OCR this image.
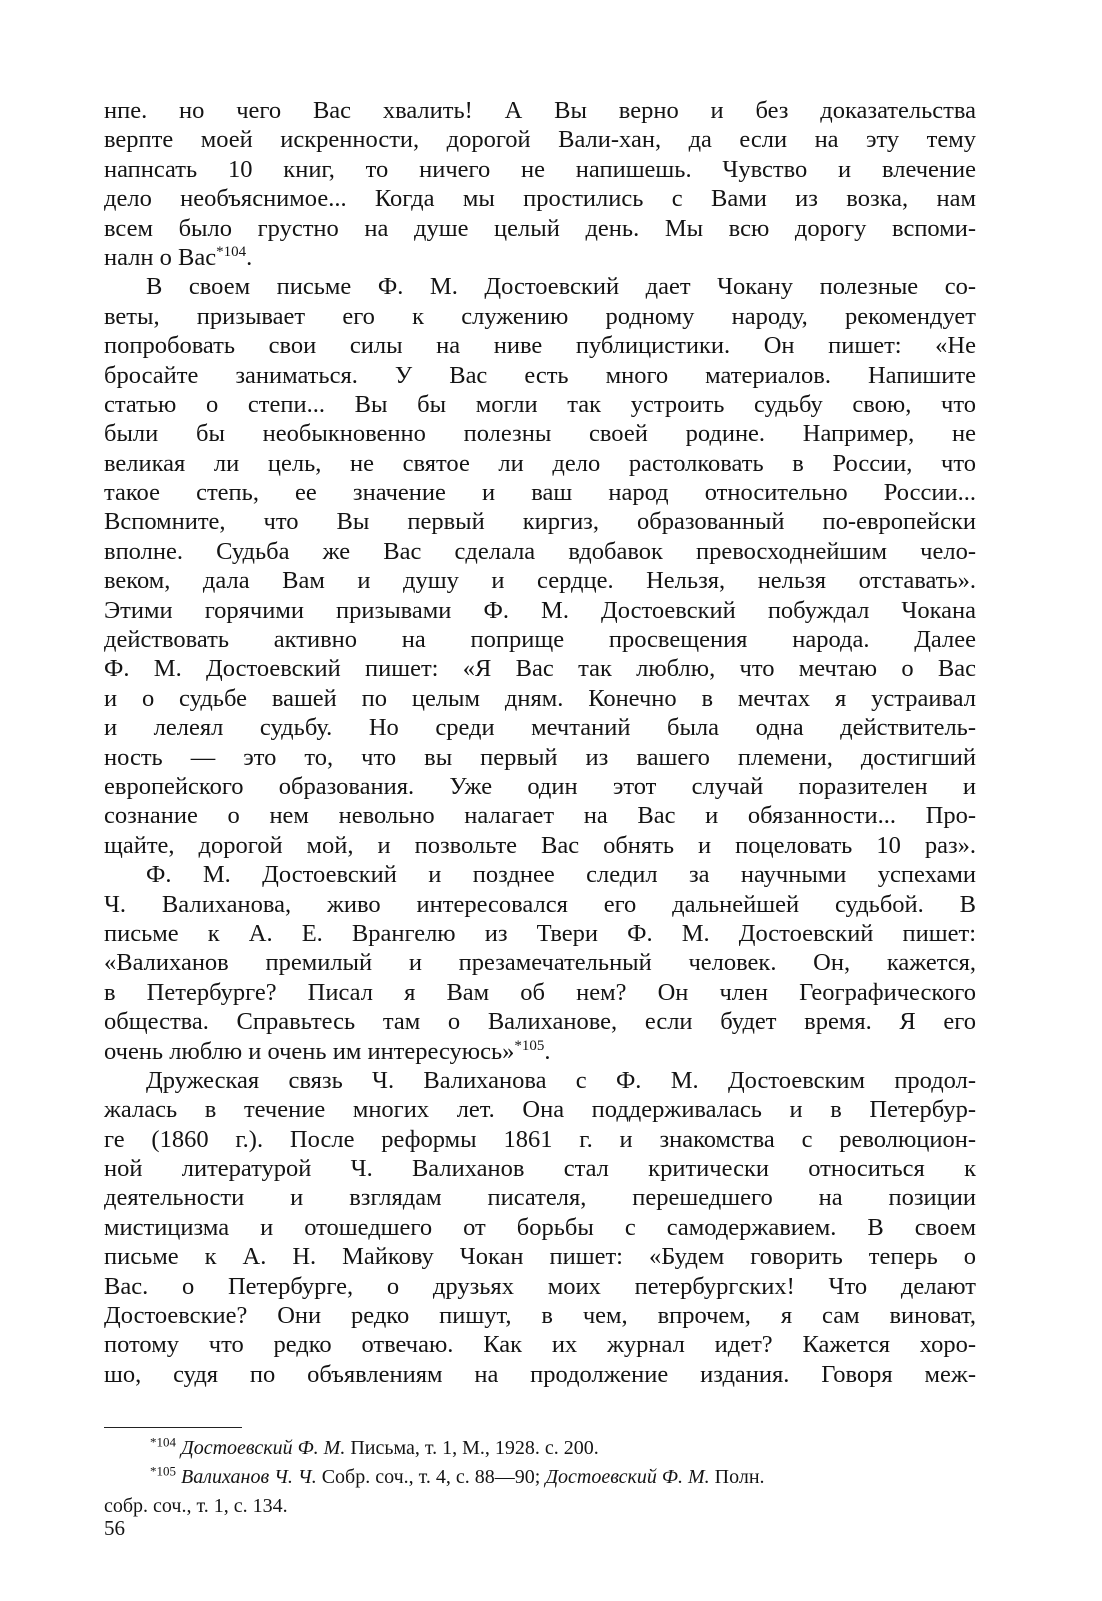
нпе. но чего Вас хвалить! А Вы верно и без доказательства
верпте моей искренности, дорогой Вали-хан, да если на эту тему
напнсать 10 книг, то ничего не напишешь. Чувство и влечение
дело необъяснимое... Когда мы простились с Вами из возка, нам
всем было грустно на душе целый день. Мы всю дорогу вспоми-
налн о Вас$^{*104}$.
В своем письме Ф. М. Достоевский дает Чокану полезные со-
веты, призывает его к служению родному народу, рекомендует
попробовать свои силы на ниве публицистики. Он пишет: «Не
бросайте заниматься. У Вас есть много материалов. Напишите
статью о степи... Вы бы могли так устроить судьбу свою, что
были бы необыкновенно полезны своей родине. Например, не
великая ли цель, не святое ли дело растолковать в России, что
такое степь, ее значение и ваш народ относительно России...
Вспомните, что Вы первый киргиз, образованный по-европейски
вполне. Судьба же Вас сделала вдобавок превосходнейшим чело-
веком, дала Вам и душу и сердце. Нельзя, нельзя отставать».
Этими горячими призывами Ф. М. Достоевский побуждал Чокана
действовать активно на поприще просвещения народа. Далее
Ф. М. Достоевский пишет: «Я Вас так люблю, что мечтаю о Вас
и о судьбе вашей по целым дням. Конечно в мечтах я устраивал
и лелеял судьбу. Но среди мечтаний была одна действитель-
ность — это то, что вы первый из вашего племени, достигший
европейского образования. Уже один этот случай поразителен и
сознание о нем невольно налагает на Вас и обязанности... Про-
щайте, дорогой мой, и позвольте Вас обнять и поцеловать 10 раз».
Ф. М. Достоевский и позднее следил за научными успехами
Ч. Валиханова, живо интересовался его дальнейшей судьбой. В
письме к А. Е. Врангелю из Твери Ф. М. Достоевский пишет:
«Валиханов премилый и презамечательный человек. Он, кажется,
в Петербурге? Писал я Вам об нем? Он член Географического
общества. Справьтесь там о Валиханове, если будет время. Я его
очень люблю и очень им интересуюсь»$^{*105}$.
Дружеская связь Ч. Валиханова с Ф. М. Достоевским продол-
жалась в течение многих лет. Она поддерживалась и в Петербур-
ге (1860 г.). После реформы 1861 г. и знакомства с революцион-
ной литературой Ч. Валиханов стал критически относиться к
деятельности и взглядам писателя, перешедшего на позиции
мистицизма и отошедшего от борьбы с самодержавием. В своем
письме к А. Н. Майкову Чокан пишет: «Будем говорить теперь о
Вас. о Петербурге, о друзьях моих петербургских! Что делают
Достоевские? Они редко пишут, в чем, впрочем, я сам виноват,
потому что редко отвечаю. Как их журнал идет? Кажется хоро-
шо, судя по объявлениям на продолжение издания. Говоря меж-
$^{*104}$ Достоевский Ф. М. Письма, т. 1, М., 1928. с. 200.
$^{*105}$ Валиханов Ч. Ч. Собр. соч., т. 4, с. 88—90; Достоевский Ф. М. Полн.
собр. соч., т. 1, с. 134.
56
